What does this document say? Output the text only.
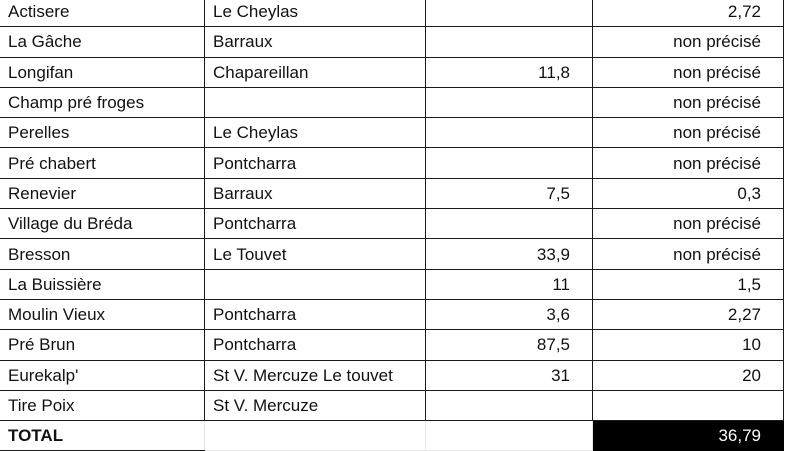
Actisere	Le Cheylas		2,72
La Gâche	Barraux		non précisé
Longifan	Chapareillan	11,8	non précisé
Champ pré froges			non précisé
Perelles	Le Cheylas		non précisé
Pré chabert	Pontcharra		non précisé
Renevier	Barraux	7,5	0,3
Village du Bréda	Pontcharra		non précisé
Bresson	Le Touvet	33,9	non précisé
La Buissière		11	1,5
Moulin Vieux	Pontcharra	3,6	2,27
Pré Brun	Pontcharra	87,5	10
Eurekalp'	St V. Mercuze Le touvet	31	20
Tire Poix	St V. Mercuze		
TOTAL			36,79
